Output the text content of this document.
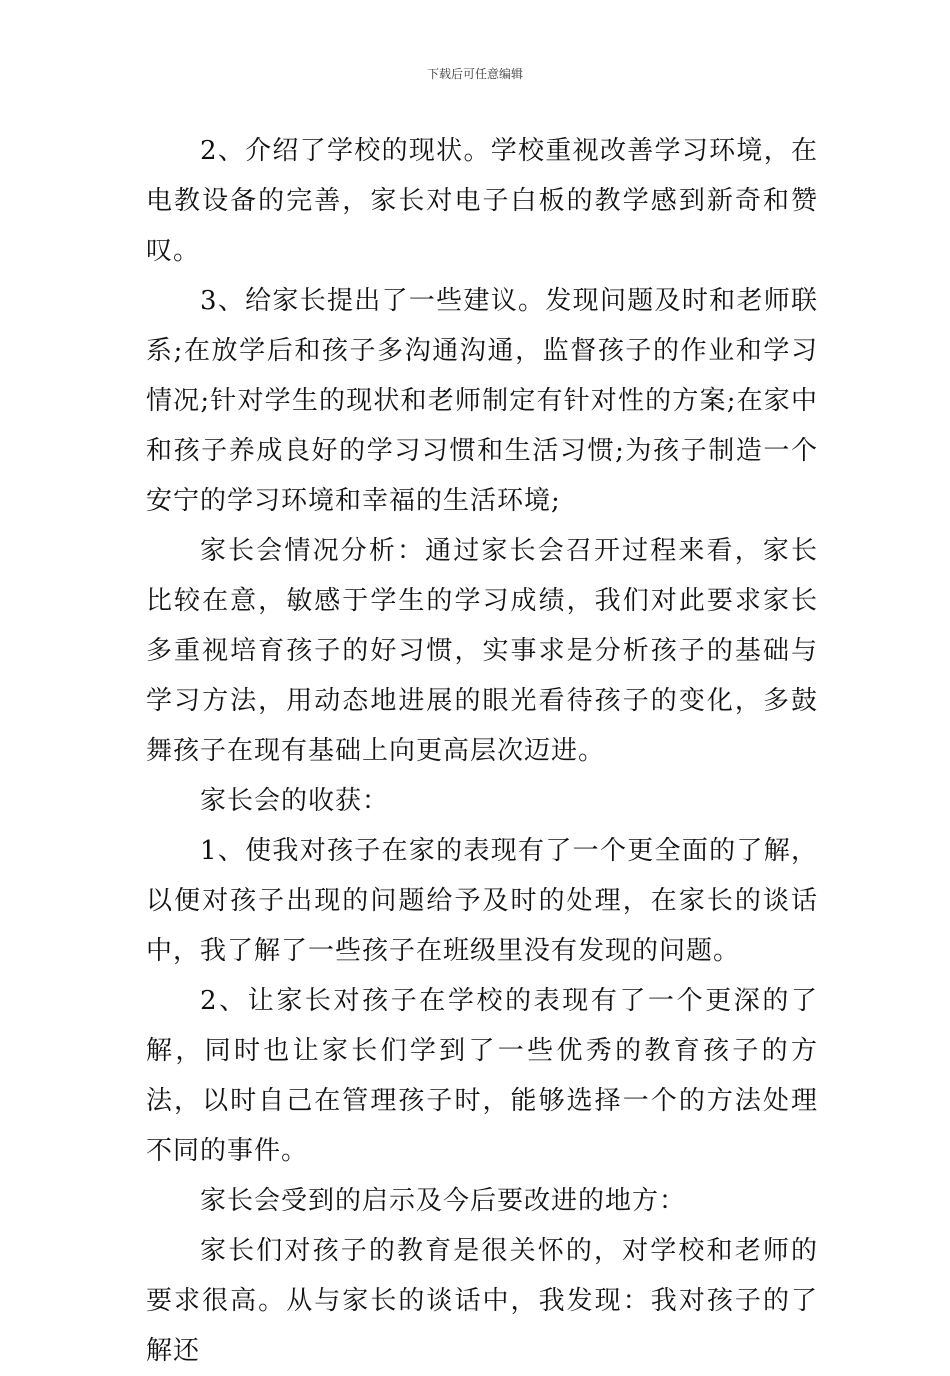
下载后可任意编辑

2、介绍了学校的现状。学校重视改善学习环境，在电教设备的完善，家长对电子白板的教学感到新奇和赞叹。

3、给家长提出了一些建议。发现问题及时和老师联系;在放学后和孩子多沟通沟通，监督孩子的作业和学习情况;针对学生的现状和老师制定有针对性的方案;在家中和孩子养成良好的学习习惯和生活习惯;为孩子制造一个安宁的学习环境和幸福的生活环境;

家长会情况分析：通过家长会召开过程来看，家长比较在意，敏感于学生的学习成绩，我们对此要求家长多重视培育孩子的好习惯，实事求是分析孩子的基础与学习方法，用动态地进展的眼光看待孩子的变化，多鼓舞孩子在现有基础上向更高层次迈进。

家长会的收获：

1、使我对孩子在家的表现有了一个更全面的了解，以便对孩子出现的问题给予及时的处理，在家长的谈话中，我了解了一些孩子在班级里没有发现的问题。

2、让家长对孩子在学校的表现有了一个更深的了解，同时也让家长们学到了一些优秀的教育孩子的方法，以时自己在管理孩子时，能够选择一个的方法处理不同的事件。

家长会受到的启示及今后要改进的地方：

家长们对孩子的教育是很关怀的，对学校和老师的要求很高。从与家长的谈话中，我发现：我对孩子的了解还
